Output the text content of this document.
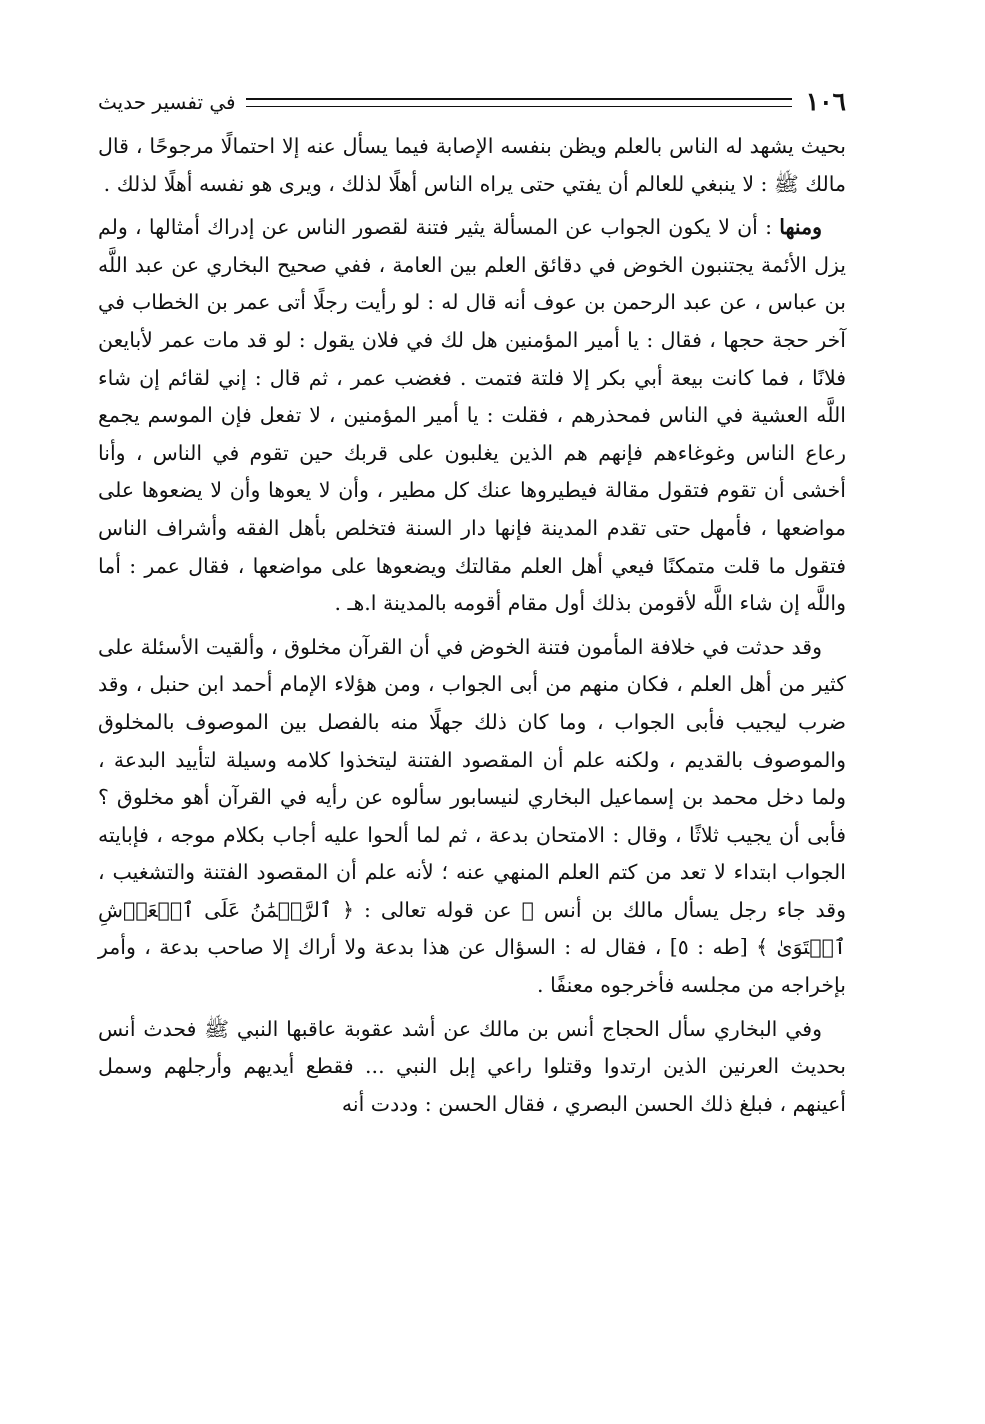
١٠٦
في تفسير حديث

بحيث يشهد له الناس بالعلم ويظن بنفسه الإصابة فيما يسأل عنه إلا احتمالًا مرجوحًا ، قال مالك ﷺ : لا ينبغي للعالم أن يفتي حتى يراه الناس أهلًا لذلك ، ويرى هو نفسه أهلًا لذلك .

ومنها : أن لا يكون الجواب عن المسألة يثير فتنة لقصور الناس عن إدراك أمثالها ، ولم يزل الأئمة يجتنبون الخوض في دقائق العلم بين العامة ، ففي صحيح البخاري عن عبد اللَّه بن عباس ، عن عبد الرحمن بن عوف أنه قال له : لو رأيت رجلًا أتى عمر بن الخطاب في آخر حجة حجها ، فقال : يا أمير المؤمنين هل لك في فلان يقول : لو قد مات عمر لأبايعن فلانًا ، فما كانت بيعة أبي بكر إلا فلتة فتمت . فغضب عمر ، ثم قال : إني لقائم إن شاء اللَّه العشية في الناس فمحذرهم ، فقلت : يا أمير المؤمنين ، لا تفعل فإن الموسم يجمع رعاع الناس وغوغاءهم فإنهم هم الذين يغلبون على قربك حين تقوم في الناس ، وأنا أخشى أن تقوم فتقول مقالة فيطيروها عنك كل مطير ، وأن لا يعوها وأن لا يضعوها على مواضعها ، فأمهل حتى تقدم المدينة فإنها دار السنة فتخلص بأهل الفقه وأشراف الناس فتقول ما قلت متمكنًا فيعي أهل العلم مقالتك ويضعوها على مواضعها ، فقال عمر : أما واللَّه إن شاء اللَّه لأقومن بذلك أول مقام أقومه بالمدينة ا.هـ .

وقد حدثت في خلافة المأمون فتنة الخوض في أن القرآن مخلوق ، وألقيت الأسئلة على كثير من أهل العلم ، فكان منهم من أبى الجواب ، ومن هؤلاء الإمام أحمد ابن حنبل ، وقد ضرب ليجيب فأبى الجواب ، وما كان ذلك جهلًا منه بالفصل بين الموصوف بالمخلوق والموصوف بالقديم ، ولكنه علم أن المقصود الفتنة ليتخذوا كلامه وسيلة لتأييد البدعة ، ولما دخل محمد بن إسماعيل البخاري لنيسابور سألوه عن رأيه في القرآن أهو مخلوق ؟ فأبى أن يجيب ثلاثًا ، وقال : الامتحان بدعة ، ثم لما ألحوا عليه أجاب بكلام موجه ، فإبايته الجواب ابتداء لا تعد من كتم العلم المنهي عنه ؛ لأنه علم أن المقصود الفتنة والتشغيب ، وقد جاء رجل يسأل مالك بن أنس ﷺ عن قوله تعالى : ﴿ ٱلرَّحۡمَٰنُ عَلَى ٱلۡعَرۡشِ ٱسۡتَوَىٰ ﴾ [طه : ٥] ، فقال له : السؤال عن هذا بدعة ولا أراك إلا صاحب بدعة ، وأمر بإخراجه من مجلسه فأخرجوه معنفًا .

وفي البخاري سأل الحجاج أنس بن مالك عن أشد عقوبة عاقبها النبي ﷺ فحدث أنس بحديث العرنين الذين ارتدوا وقتلوا راعي إبل النبي ... فقطع أيديهم وأرجلهم وسمل أعينهم ، فبلغ ذلك الحسن البصري ، فقال الحسن : وددت أنه
